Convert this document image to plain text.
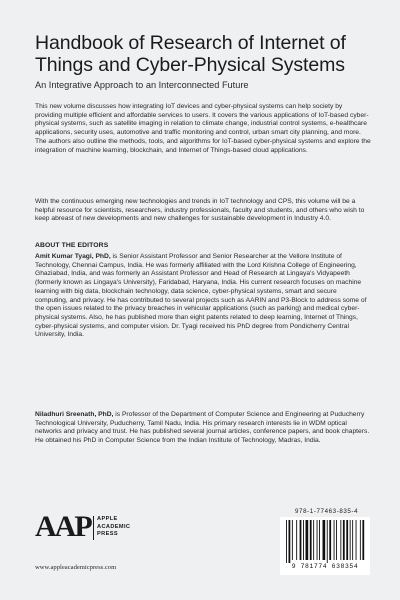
Handbook of Research of Internet of Things and Cyber-Physical Systems
An Integrative Approach to an Interconnected Future
This new volume discusses how integrating IoT devices and cyber-physical systems can help society by providing multiple efficient and affordable services to users. It covers the various applications of IoT-based cyber-physical systems, such as satellite imaging in relation to climate change, industrial control systems, e-healthcare applications, security uses, automotive and traffic monitoring and control, urban smart city planning, and more. The authors also outline the methods, tools, and algorithms for IoT-based cyber-physical systems and explore the integration of machine learning, blockchain, and Internet of Things-based cloud applications.
With the continuous emerging new technologies and trends in IoT technology and CPS, this volume will be a helpful resource for scientists, researchers, industry professionals, faculty and students, and others who wish to keep abreast of new developments and new challenges for sustainable development in Industry 4.0.
ABOUT THE EDITORS
Amit Kumar Tyagi, PhD, is Senior Assistant Professor and Senior Researcher at the Vellore Institute of Technology, Chennai Campus, India. He was formerly affiliated with the Lord Krishna College of Engineering, Ghaziabad, India, and was formerly an Assistant Professor and Head of Research at Lingaya's Vidyapeeth (formerly known as Lingaya's University), Faridabad, Haryana, India. His current research focuses on machine learning with big data, blockchain technology, data science, cyber-physical systems, smart and secure computing, and privacy. He has contributed to several projects such as AARIN and P3-Block to address some of the open issues related to the privacy breaches in vehicular applications (such as parking) and medical cyber-physical systems. Also, he has published more than eight patents related to deep learning, Internet of Things, cyber-physical systems, and computer vision. Dr. Tyagi received his PhD degree from Pondicherry Central University, India.
Niladhuri Sreenath, PhD, is Professor of the Department of Computer Science and Engineering at Puducherry Technological University, Puducherry, Tamil Nadu, India. His primary research interests lie in WDM optical networks and privacy and trust. He has published several journal articles, conference papers, and book chapters. He obtained his PhD in Computer Science from the Indian Institute of Technology, Madras, India.
AAP APPLE
ACADEMIC
PRESS
www.appleacademicpress.com
978-1-77463-835-4
9 781774 638354
